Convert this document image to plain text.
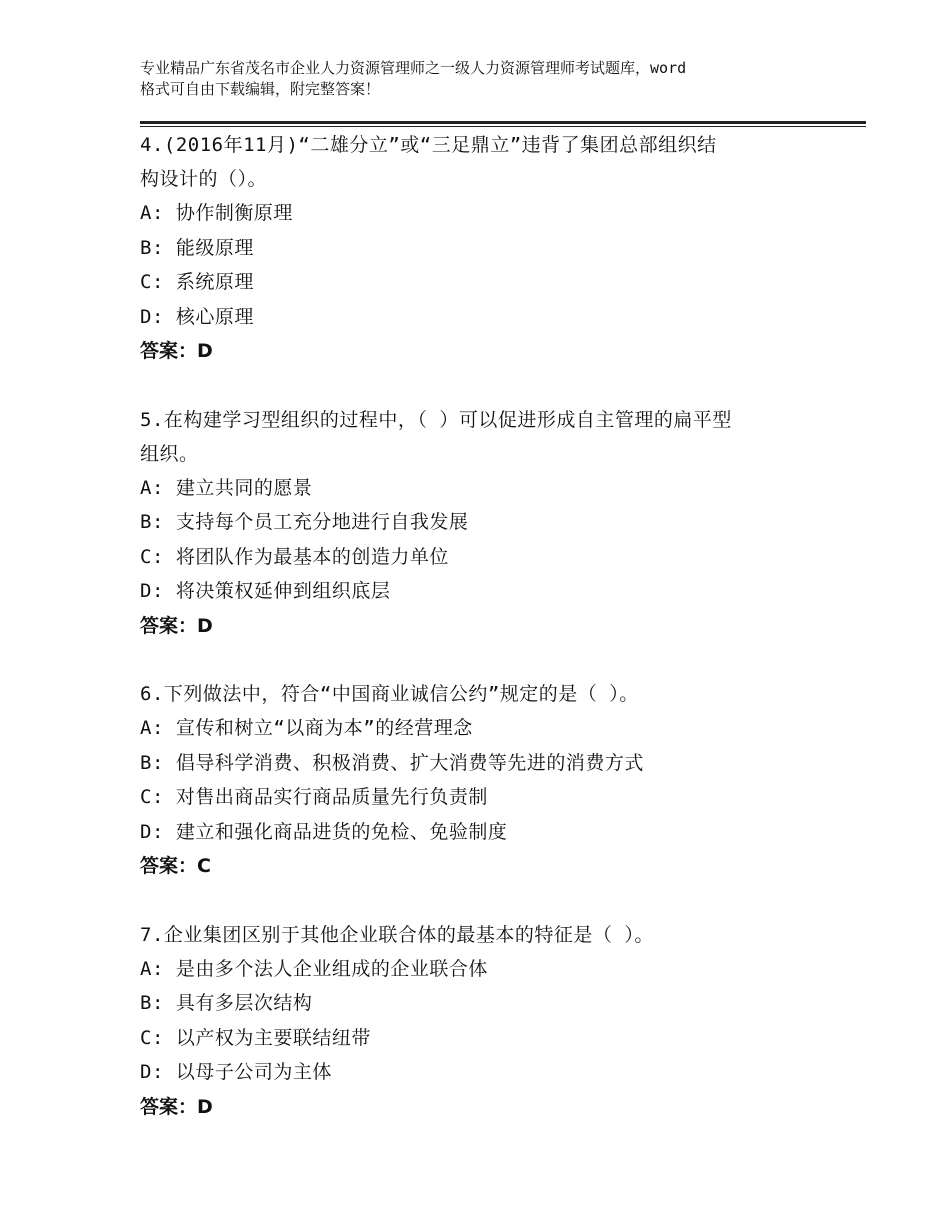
专业精品广东省茂名市企业人力资源管理师之一级人力资源管理师考试题库，word
格式可自由下载编辑，附完整答案！
4.(2016年11月)“二雄分立”或“三足鼎立”违背了集团总部组织结
构设计的（）。
A: 协作制衡原理
B: 能级原理
C: 系统原理
D: 核心原理
答案：D
5.在构建学习型组织的过程中，（ ）可以促进形成自主管理的扁平型
组织。
A: 建立共同的愿景
B: 支持每个员工充分地进行自我发展
C: 将团队作为最基本的创造力单位
D: 将决策权延伸到组织底层
答案：D
6.下列做法中，符合“中国商业诚信公约”规定的是（ ）。
A: 宣传和树立“以商为本”的经营理念
B: 倡导科学消费、积极消费、扩大消费等先进的消费方式
C: 对售出商品实行商品质量先行负责制
D: 建立和强化商品进货的免检、免验制度
答案：C
7.企业集团区别于其他企业联合体的最基本的特征是（ ）。
A: 是由多个法人企业组成的企业联合体
B: 具有多层次结构
C: 以产权为主要联结纽带
D: 以母子公司为主体
答案：D
